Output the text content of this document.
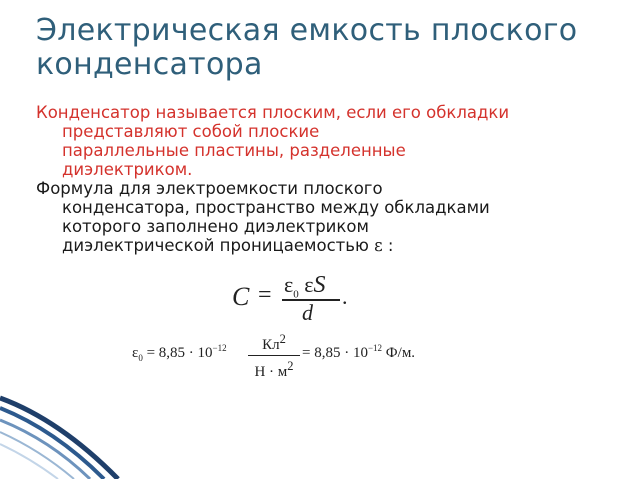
Электрическая емкость плоского
конденсатора

Конденсатор называется плоским, если его обкладки
представляют собой плоские
параллельные пластины, разделенные
диэлектриком.

Формула для электроемкости плоского
конденсатора, пространство между обкладками
которого заполнено диэлектриком
диэлектрической проницаемостью ε :

$C = \varepsilon_0$ εS
d
.
$\varepsilon_0 = 8,85 \cdot 10^{-12}$	$Кл^2$
$Н \cdot м^2$
= $8,85 \cdot 10^{-12}$ Ф/м.
